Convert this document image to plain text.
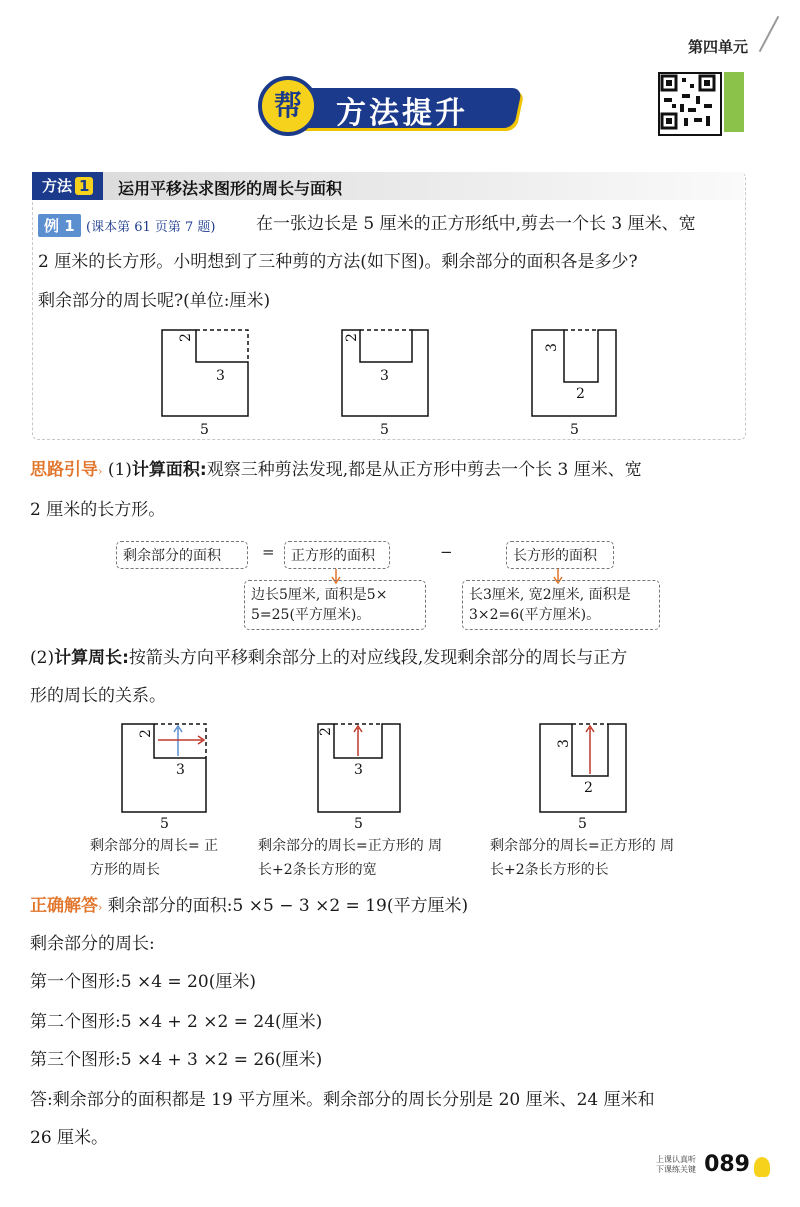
第四单元
方法提升
帮
方法 1	运用平移法求图形的周长与面积
例 1 (课本第 61 页第 7 题) 在一张边长是 5 厘米的正方形纸中,剪去一个长 3 厘米、宽
2 厘米的长方形。小明想到了三种剪的方法(如下图)。剩余部分的面积各是多少?
剩余部分的周长呢?(单位:厘米)
2
3
5
2
3
5
3
2
5
思路引导› (1)计算面积:观察三种剪法发现,都是从正方形中剪去一个长 3 厘米、宽
2 厘米的长方形。
剩余部分的面积	=	正方形的面积	−	长方形的面积
边长5厘米, 面积是5× 5=25(平方厘米)。
长3厘米, 宽2厘米, 面积是3×2=6(平方厘米)。
(2)计算周长:按箭头方向平移剩余部分上的对应线段,发现剩余部分的周长与正方
形的周长的关系。
2
3
5
2
3
5
3
2
5
剩余部分的周长= 正方形的周长
剩余部分的周长=正方形的 周长+2条长方形的宽
剩余部分的周长=正方形的 周长+2条长方形的长
正确解答› 剩余部分的面积:5 ×5 − 3 ×2 = 19(平方厘米)
剩余部分的周长:
第一个图形:5 ×4 = 20(厘米)
第二个图形:5 ×4 + 2 ×2 = 24(厘米)
第三个图形:5 ×4 + 3 ×2 = 26(厘米)
答:剩余部分的面积都是 19 平方厘米。剩余部分的周长分别是 20 厘米、24 厘米和
26 厘米。
上课认真听 下课练关键 089
